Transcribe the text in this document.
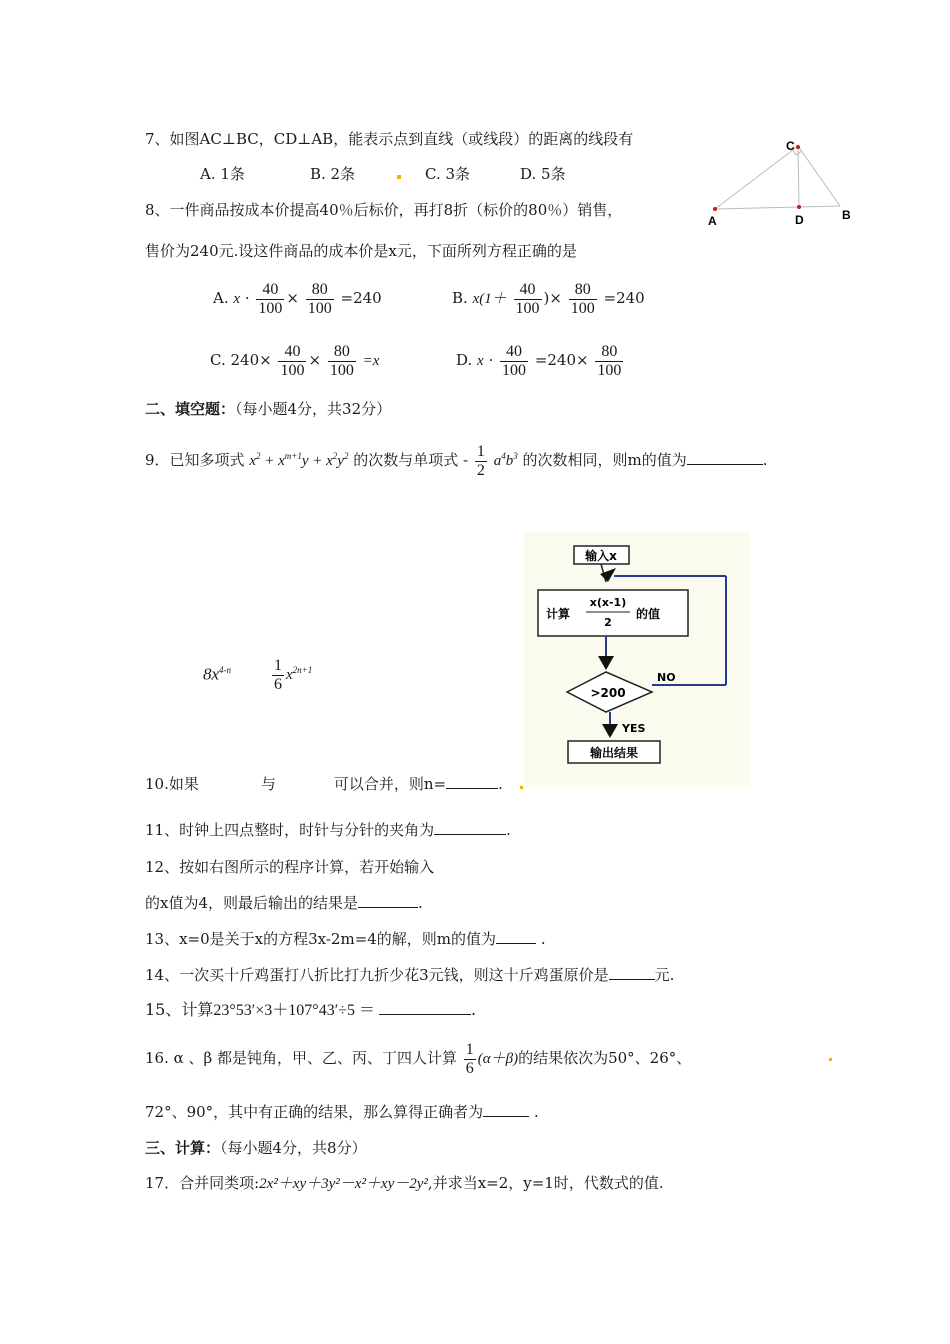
7、如图AC⊥BC，CD⊥AB，能表示点到直线（或线段）的距离的线段有
A. 1条	B. 2条	C. 3条	D. 5条
A	D	B
C
8、一件商品按成本价提高40％后标价，再打8折（标价的80％）销售，
售价为240元.设这件商品的成本价是x元，下面所列方程正确的是
A. $x \cdot \frac{40}{100} \times \frac{80}{100} =240$	B. $x(1+ \frac{40}{100}$ )× $\frac{80}{100} =240$
C. $240\times \frac{40}{100} \times \frac{80}{100} =x$	D. $x \cdot \frac{40}{100} =240\times \frac{80}{100}$
二、填空题：（每小题4分，共32分）
9．已知多项式 $x^2 + x^{m+1}y + x^2y^2$ 的次数与单项式 - $\frac{1}{2} a^4b^3$ 的次数相同，则m的值为	.
$8x^{4-n}$	$\frac{1}{6} x^{2n+1}$
输入x
计算
x(x-1)
2
的值
>200
NO
YES
输出结果
10.如果	与	可以合并，则n=	.
11、时钟上四点整时，时针与分针的夹角为	.
12、按如右图所示的程序计算，若开始输入
的x值为4，则最后输出的结果是	.
13、x=0是关于x的方程3x-2m=4的解，则m的值为	.
14、一次买十斤鸡蛋打八折比打九折少花3元钱，则这十斤鸡蛋原价是	元.
15、计算23°53′×3＋107°43′÷5 ＝	.
16. α 、β 都是钝角，甲、乙、丙、丁四人计算 $\frac{1}{6} (\alpha+\beta)$的结果依次为50°、26°、
72°、90°，其中有正确的结果，那么算得正确者为	.
三、计算：（每小题4分，共8分）
17．合并同类项:2x²＋xy＋3y²－x²＋xy－2y²,并求当x=2，y=1时，代数式的值.
